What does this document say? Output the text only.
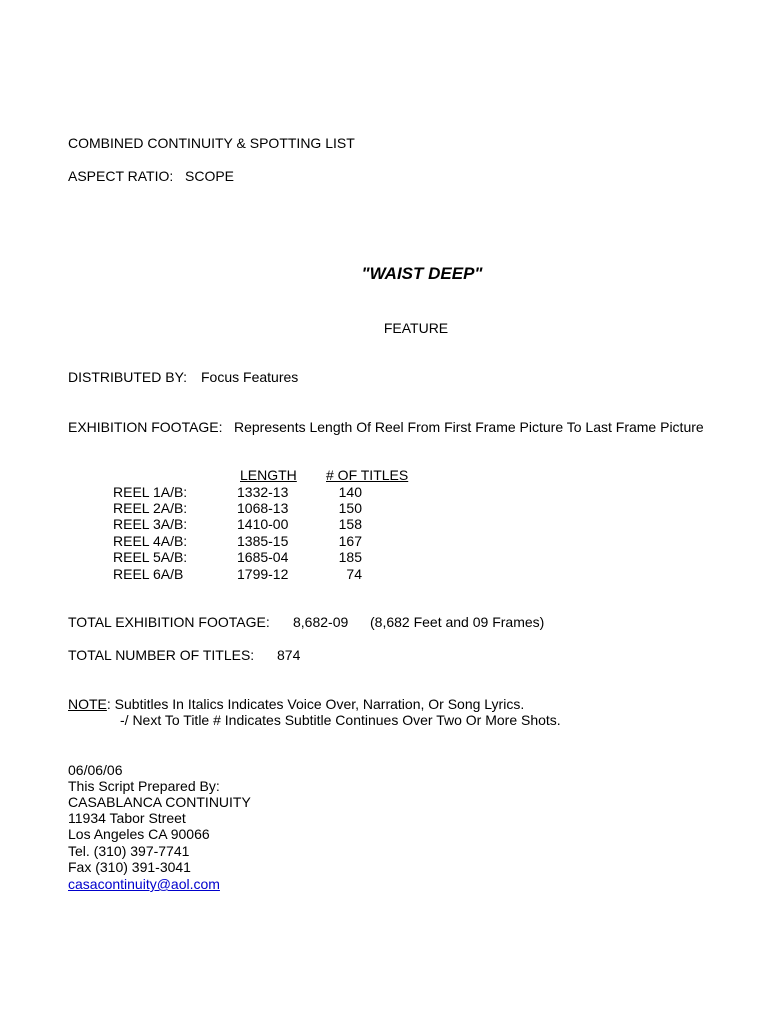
COMBINED CONTINUITY & SPOTTING LIST
ASPECT RATIO: SCOPE
"WAIST DEEP"
FEATURE
DISTRIBUTED BY: Focus Features
EXHIBITION FOOTAGE: Represents Length Of Reel From First Frame Picture To Last Frame Picture
LENGTH # OF TITLES
REEL 1A/B:	1332-13	140
REEL 2A/B:	1068-13	150
REEL 3A/B:	1410-00	158
REEL 4A/B:	1385-15	167
REEL 5A/B:	1685-04	185
REEL 6A/B	1799-12	74
TOTAL EXHIBITION FOOTAGE: 8,682-09 (8,682 Feet and 09 Frames)
TOTAL NUMBER OF TITLES: 874
NOTE: Subtitles In Italics Indicates Voice Over, Narration, Or Song Lyrics.
-/ Next To Title # Indicates Subtitle Continues Over Two Or More Shots.
06/06/06
This Script Prepared By:
CASABLANCA CONTINUITY
11934 Tabor Street
Los Angeles CA 90066
Tel. (310) 397-7741
Fax (310) 391-3041
casacontinuity@aol.com
